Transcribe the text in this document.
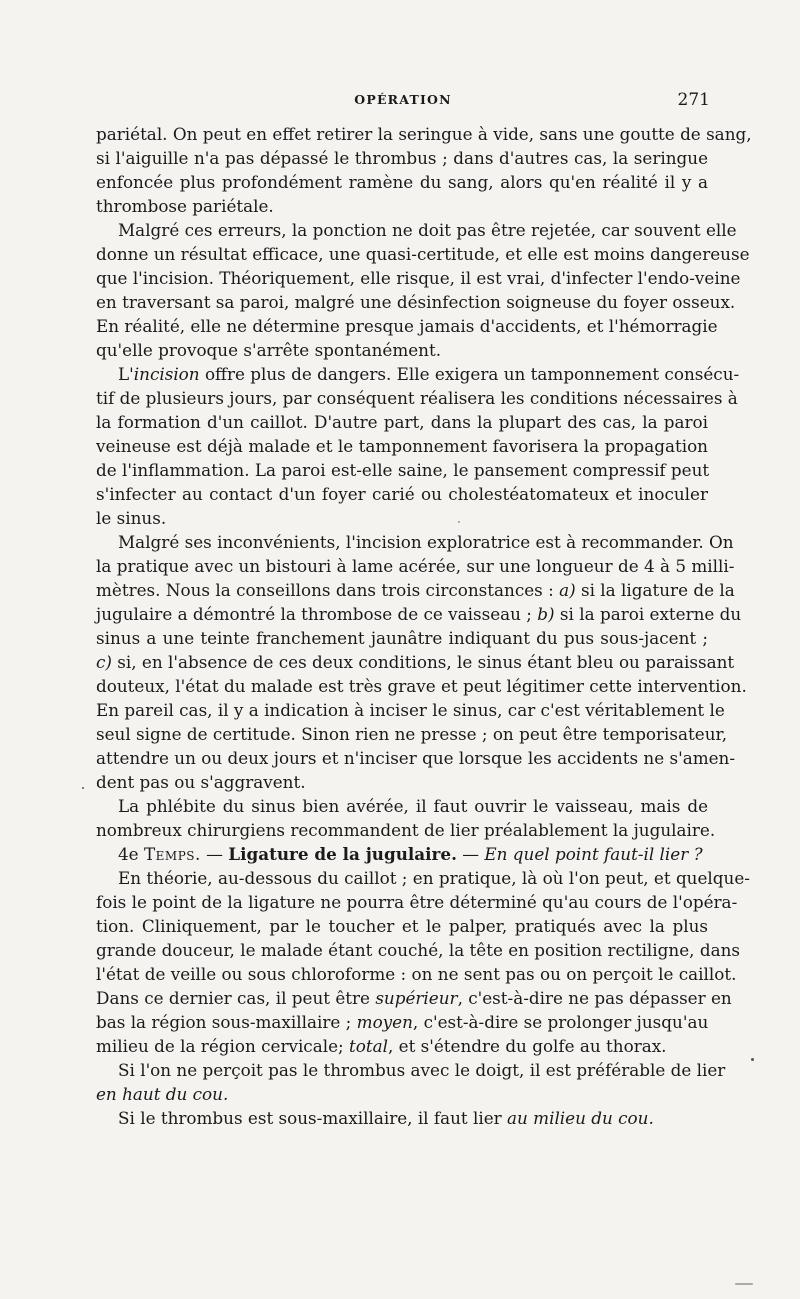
OPÉRATION	271
pariétal. On peut en effet retirer la seringue à vide, sans une goutte de sang,
si l'aiguille n'a pas dépassé le thrombus ; dans d'autres cas, la seringue
enfoncée plus profondément ramène du sang, alors qu'en réalité il y a
thrombose pariétale.
Malgré ces erreurs, la ponction ne doit pas être rejetée, car souvent elle
donne un résultat efficace, une quasi-certitude, et elle est moins dangereuse
que l'incision. Théoriquement, elle risque, il est vrai, d'infecter l'endo-veine
en traversant sa paroi, malgré une désinfection soigneuse du foyer osseux.
En réalité, elle ne détermine presque jamais d'accidents, et l'hémorragie
qu'elle provoque s'arrête spontanément.
L'incision offre plus de dangers. Elle exigera un tamponnement consécu-
tif de plusieurs jours, par conséquent réalisera les conditions nécessaires à
la formation d'un caillot. D'autre part, dans la plupart des cas, la paroi
veineuse est déjà malade et le tamponnement favorisera la propagation
de l'inflammation. La paroi est-elle saine, le pansement compressif peut
s'infecter au contact d'un foyer carié ou cholestéatomateux et inoculer
le sinus.
Malgré ses inconvénients, l'incision exploratrice est à recommander. On
la pratique avec un bistouri à lame acérée, sur une longueur de 4 à 5 milli-
mètres. Nous la conseillons dans trois circonstances : a) si la ligature de la
jugulaire a démontré la thrombose de ce vaisseau ; b) si la paroi externe du
sinus a une teinte franchement jaunâtre indiquant du pus sous-jacent ;
c) si, en l'absence de ces deux conditions, le sinus étant bleu ou paraissant
douteux, l'état du malade est très grave et peut légitimer cette intervention.
En pareil cas, il y a indication à inciser le sinus, car c'est véritablement le
seul signe de certitude. Sinon rien ne presse ; on peut être temporisateur,
attendre un ou deux jours et n'inciser que lorsque les accidents ne s'amen-
dent pas ou s'aggravent.
La phlébite du sinus bien avérée, il faut ouvrir le vaisseau, mais de
nombreux chirurgiens recommandent de lier préalablement la jugulaire.
4e Temps. — Ligature de la jugulaire. — En quel point faut-il lier ?
En théorie, au-dessous du caillot ; en pratique, là où l'on peut, et quelque-
fois le point de la ligature ne pourra être déterminé qu'au cours de l'opéra-
tion. Cliniquement, par le toucher et le palper, pratiqués avec la plus
grande douceur, le malade étant couché, la tête en position rectiligne, dans
l'état de veille ou sous chloroforme : on ne sent pas ou on perçoit le caillot.
Dans ce dernier cas, il peut être supérieur, c'est-à-dire ne pas dépasser en
bas la région sous-maxillaire ; moyen, c'est-à-dire se prolonger jusqu'au
milieu de la région cervicale; total, et s'étendre du golfe au thorax.
Si l'on ne perçoit pas le thrombus avec le doigt, il est préférable de lier
en haut du cou.
Si le thrombus est sous-maxillaire, il faut lier au milieu du cou.
